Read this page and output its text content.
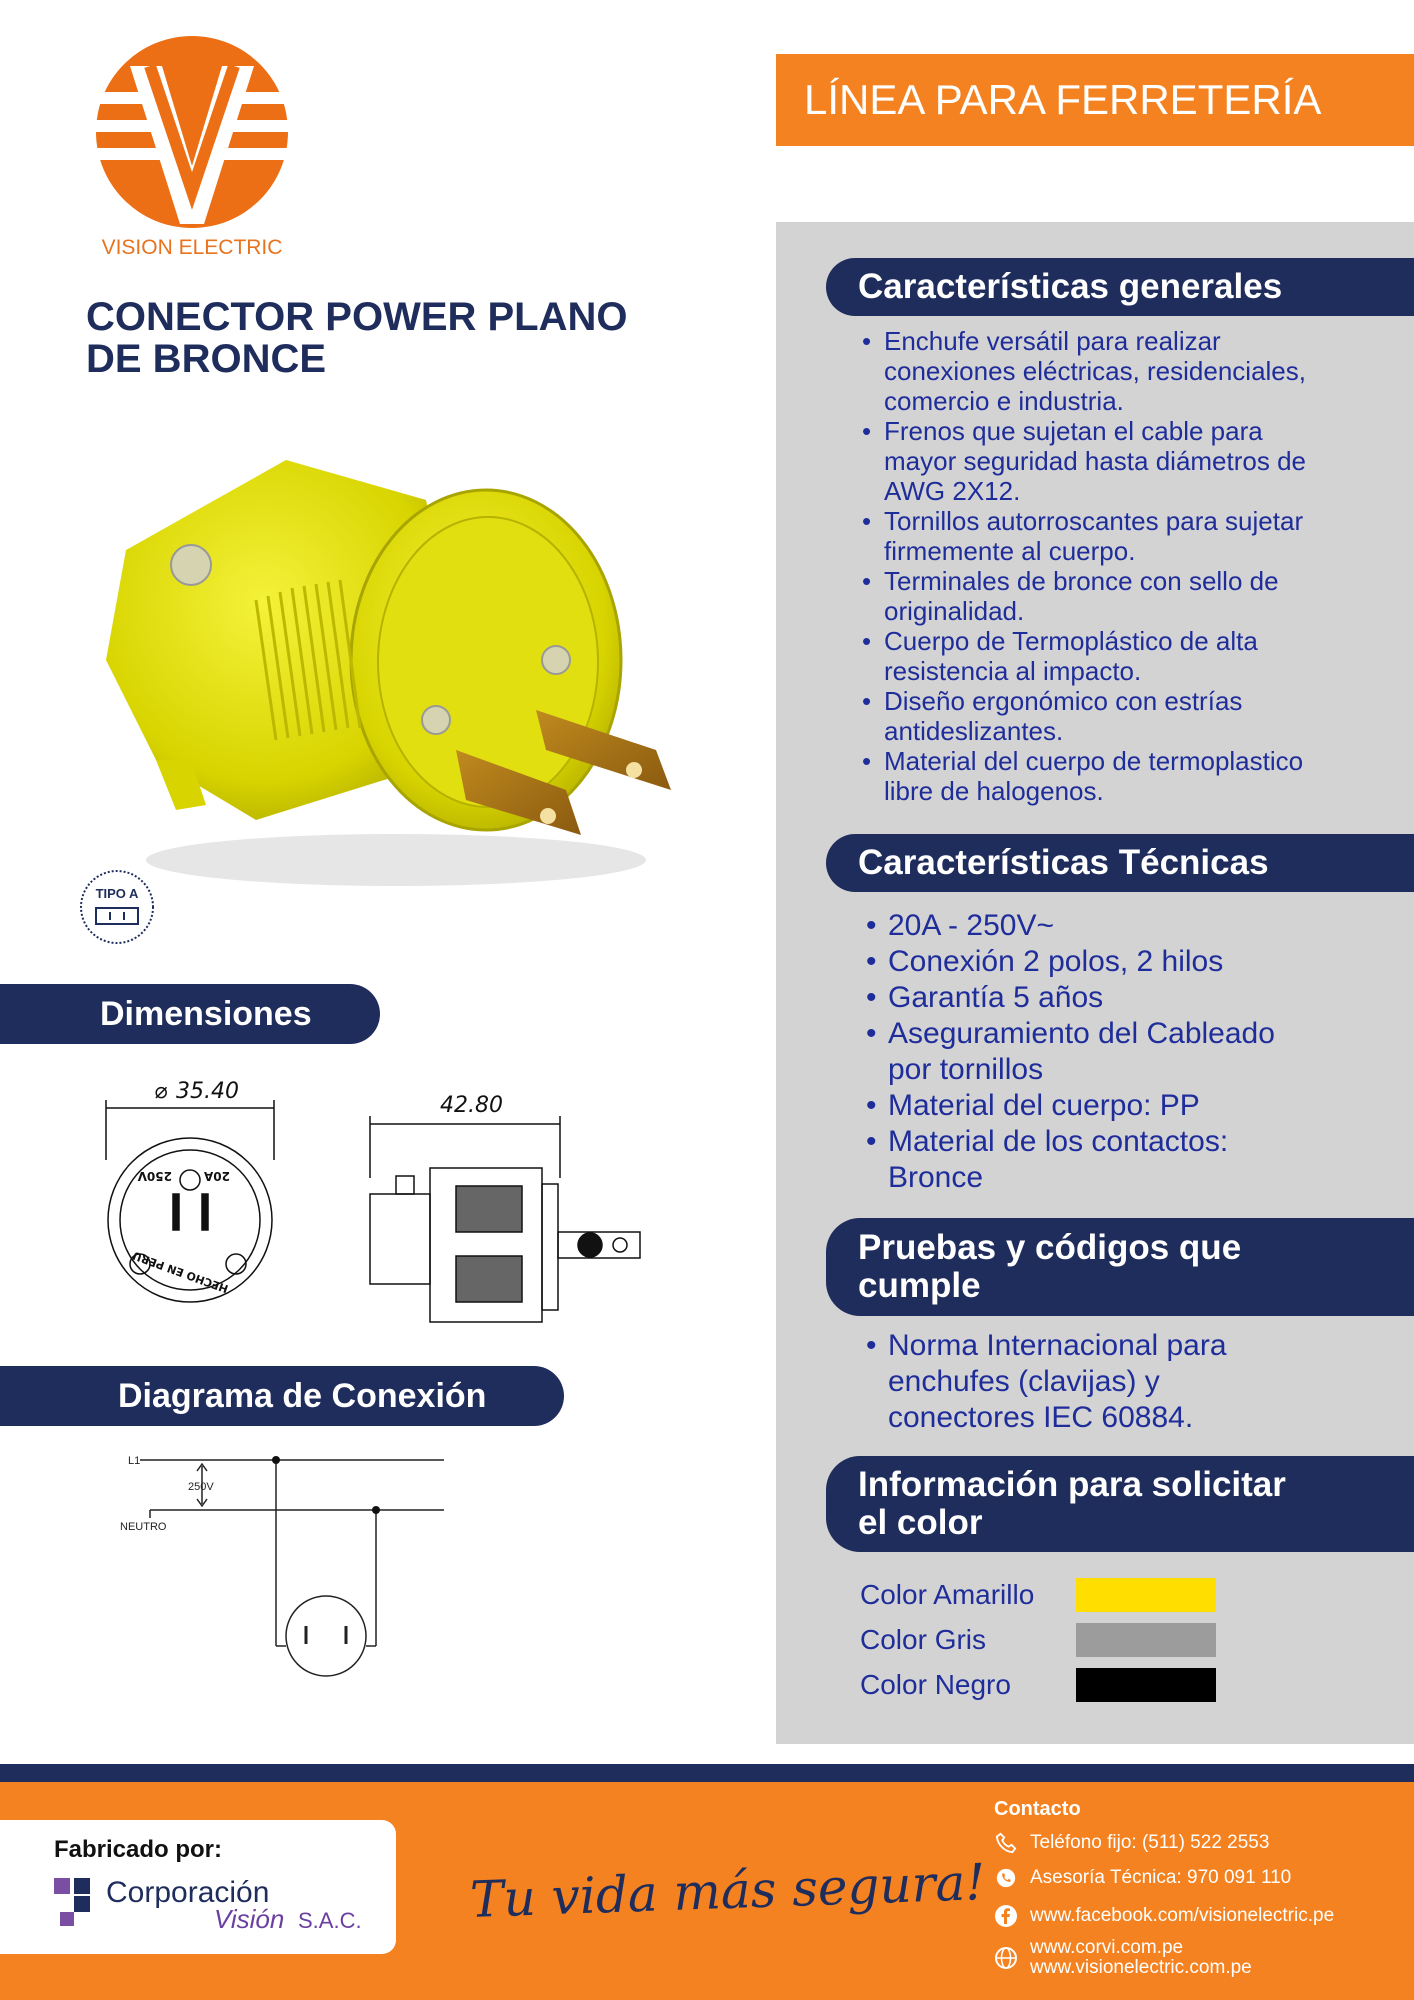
VISION ELECTRIC
CONECTOR POWER PLANO
DE BRONCE
TIPO A
Dimensiones
⌀ 35.40
42.80
20A
250V
HECHO EN PERU
Diagrama de Conexión
L1
250V
NEUTRO
LÍNEA PARA FERRETERÍA
Características generales
• Enchufe versátil para realizar
conexiones eléctricas, residenciales,
comercio e industria.
• Frenos que sujetan el cable para
mayor seguridad hasta diámetros de
AWG 2X12.
• Tornillos autorroscantes para sujetar
firmemente al cuerpo.
• Terminales de bronce con sello de
originalidad.
• Cuerpo de Termoplástico de alta
resistencia al impacto.
• Diseño ergonómico con estrías
antideslizantes.
• Material del cuerpo de termoplastico
libre de halogenos.
Características Técnicas
• 20A - 250V~
• Conexión 2 polos, 2 hilos
• Garantía 5 años
• Aseguramiento del Cableado
por tornillos
• Material del cuerpo: PP
• Material de los contactos:
Bronce
Pruebas y códigos que
cumple
• Norma Internacional para
enchufes (clavijas) y
conectores IEC 60884.
Información para solicitar
el color
Color Amarillo
Color Gris
Color Negro
Fabricado por:
Corporación
Visión S.A.C. Tu vida más segura!
Contacto
Teléfono fijo: (511) 522 2553
Asesoría Técnica: 970 091 110
www.facebook.com/visionelectric.pe
www.corvi.com.pe
www.visionelectric.com.pe
